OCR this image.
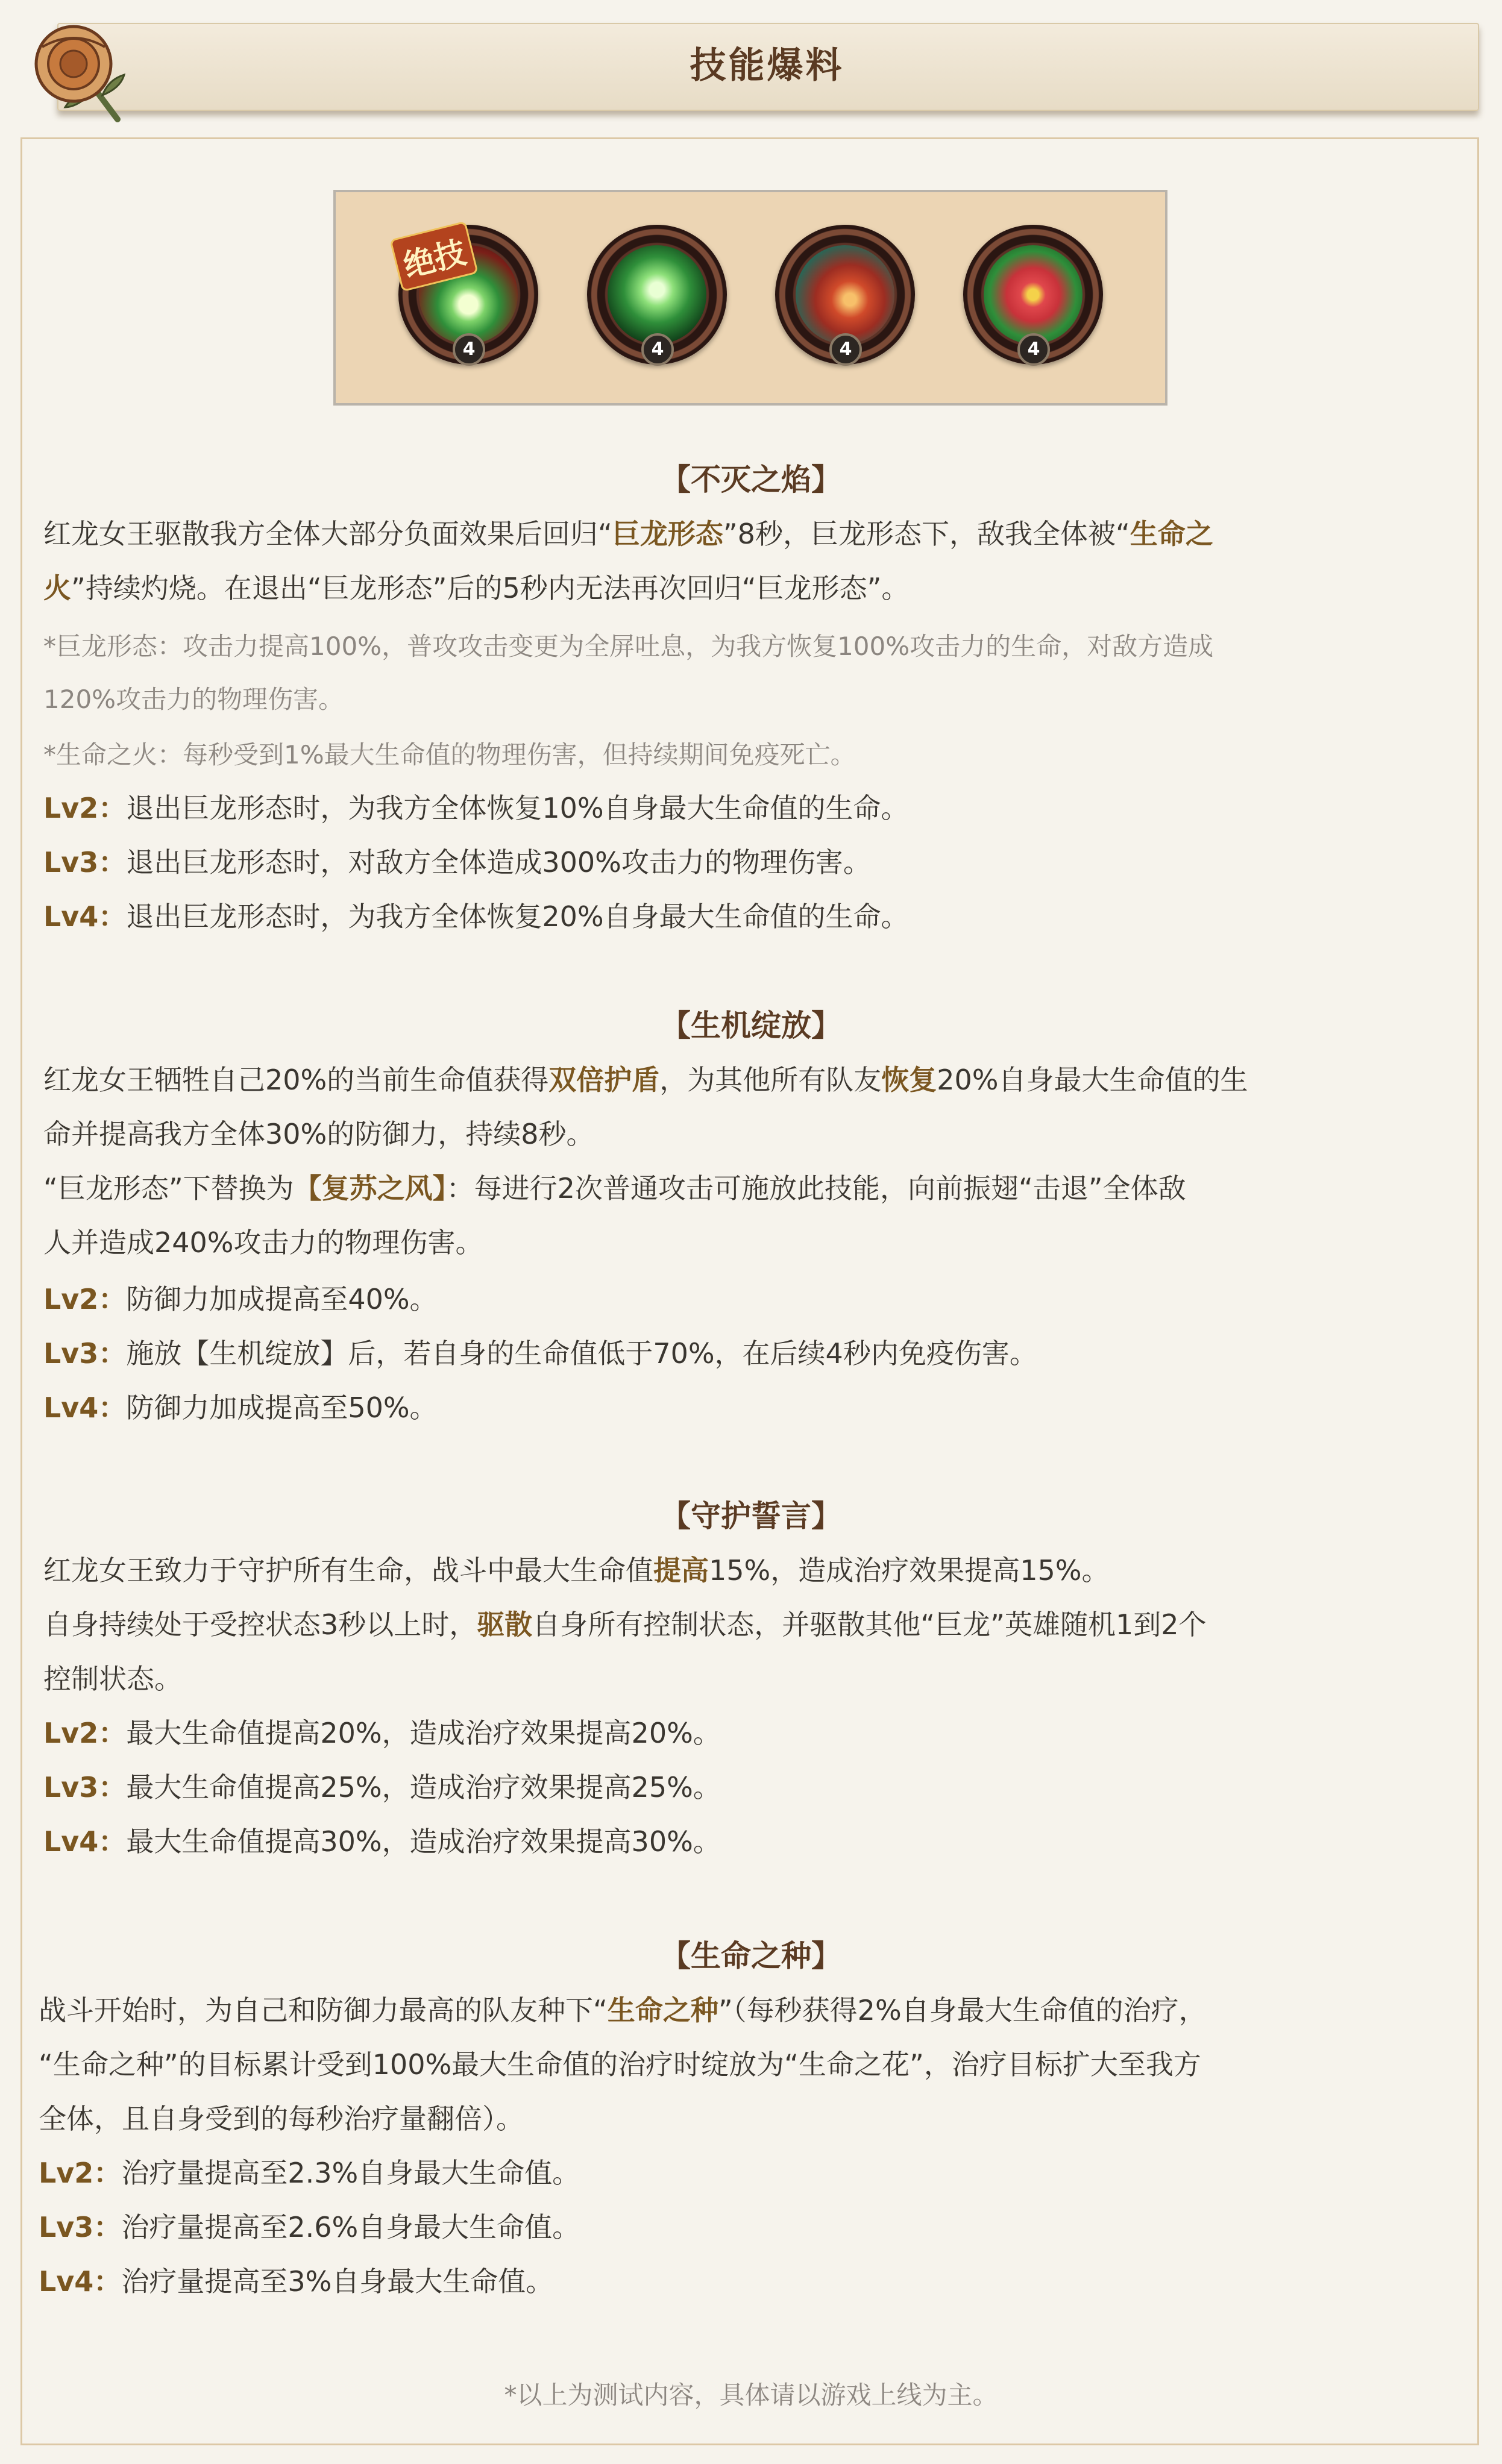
技能爆料
绝技
4	4	4	4
【不灭之焰】
红龙女王驱散我方全体大部分负面效果后回归“巨龙形态”8秒，巨龙形态下，敌我全体被“生命之
火”持续灼烧。在退出“巨龙形态”后的5秒内无法再次回归“巨龙形态”。
*巨龙形态：攻击力提高100%，普攻攻击变更为全屏吐息，为我方恢复100%攻击力的生命，对敌方造成
120%攻击力的物理伤害。
*生命之火：每秒受到1%最大生命值的物理伤害，但持续期间免疫死亡。
Lv2：退出巨龙形态时，为我方全体恢复10%自身最大生命值的生命。
Lv3：退出巨龙形态时，对敌方全体造成300%攻击力的物理伤害。
Lv4：退出巨龙形态时，为我方全体恢复20%自身最大生命值的生命。
【生机绽放】
红龙女王牺牲自己20%的当前生命值获得双倍护盾，为其他所有队友恢复20%自身最大生命值的生
命并提高我方全体30%的防御力，持续8秒。
“巨龙形态”下替换为【复苏之风】：每进行2次普通攻击可施放此技能，向前振翅“击退”全体敌
人并造成240%攻击力的物理伤害。
Lv2：防御力加成提高至40%。
Lv3：施放【生机绽放】后，若自身的生命值低于70%，在后续4秒内免疫伤害。
Lv4：防御力加成提高至50%。
【守护誓言】
红龙女王致力于守护所有生命，战斗中最大生命值提高15%，造成治疗效果提高15%。
自身持续处于受控状态3秒以上时，驱散自身所有控制状态，并驱散其他“巨龙”英雄随机1到2个
控制状态。
Lv2：最大生命值提高20%，造成治疗效果提高20%。
Lv3：最大生命值提高25%，造成治疗效果提高25%。
Lv4：最大生命值提高30%，造成治疗效果提高30%。
【生命之种】
战斗开始时，为自己和防御力最高的队友种下“生命之种”（每秒获得2%自身最大生命值的治疗，
“生命之种”的目标累计受到100%最大生命值的治疗时绽放为“生命之花”，治疗目标扩大至我方
全体，且自身受到的每秒治疗量翻倍）。
Lv2：治疗量提高至2.3%自身最大生命值。
Lv3：治疗量提高至2.6%自身最大生命值。
Lv4：治疗量提高至3%自身最大生命值。
*以上为测试内容，具体请以游戏上线为主。
